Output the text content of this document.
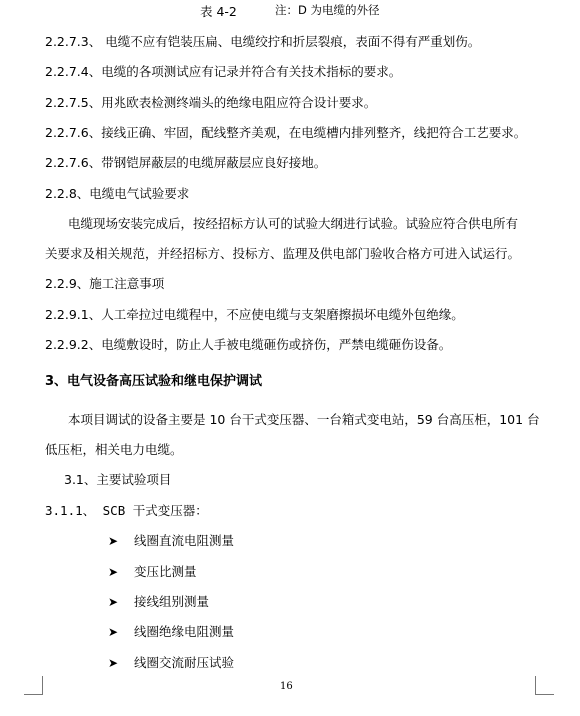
表 4-2	注：D 为电缆的外径
2.2.7.3、 电缆不应有铠装压扁、电缆绞拧和折层裂痕，表面不得有严重划伤。
2.2.7.4、电缆的各项测试应有记录并符合有关技术指标的要求。
2.2.7.5、用兆欧表检测终端头的绝缘电阻应符合设计要求。
2.2.7.6、接线正确、牢固，配线整齐美观，在电缆槽内排列整齐，线把符合工艺要求。
2.2.7.6、带钢铠屏蔽层的电缆屏蔽层应良好接地。
2.2.8、电缆电气试验要求
电缆现场安装完成后，按经招标方认可的试验大纲进行试验。试验应符合供电所有
关要求及相关规范，并经招标方、投标方、监理及供电部门验收合格方可进入试运行。
2.2.9、施工注意事项
2.2.9.1、人工牵拉过电缆程中，不应使电缆与支架磨擦损坏电缆外包绝缘。
2.2.9.2、电缆敷设时，防止人手被电缆砸伤或挤伤，严禁电缆砸伤设备。
3、电气设备高压试验和继电保护调试
本项目调试的设备主要是 10 台干式变压器、一台箱式变电站，59 台高压柜，101 台
低压柜，相关电力电缆。
3.1、主要试验项目
3.1.1、 SCB 干式变压器：
➤ 线圈直流电阻测量
➤ 变压比测量
➤ 接线组别测量
➤ 线圈绝缘电阻测量
➤ 线圈交流耐压试验
16
